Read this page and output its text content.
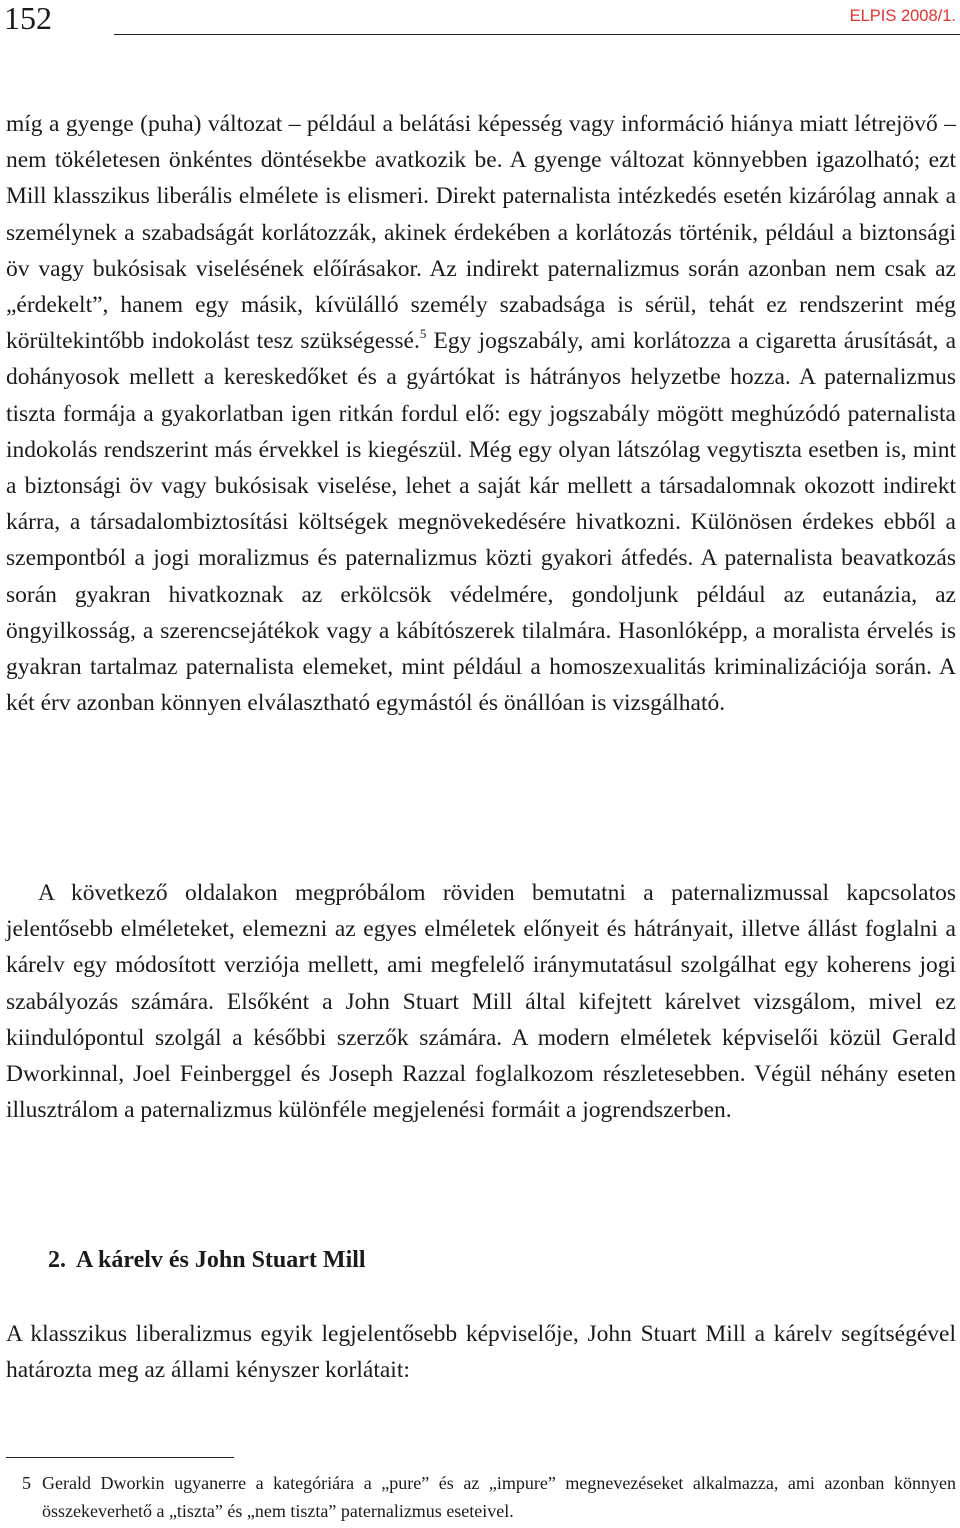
152	ELPIS 2008/1.

míg a gyenge (puha) változat – például a belátási képesség vagy információ hiánya miatt létrejövő – nem tökéletesen önkéntes döntésekbe avatkozik be. A gyenge változat könnyebben igazolható; ezt Mill klasszikus liberális elmélete is elismeri. Direkt paternalista intézkedés esetén kizárólag annak a személynek a szabadságát korlátozzák, akinek érdekében a korlátozás történik, például a biztonsági öv vagy bukósisak viselésének előírásakor. Az indirekt paternalizmus során azonban nem csak az „érdekelt”, hanem egy másik, kívülálló személy szabadsága is sérül, tehát ez rendszerint még körültekintőbb indokolást tesz szükségessé.$^5$ Egy jogszabály, ami korlátozza a cigaretta árusítását, a dohányosok mellett a kereskedőket és a gyártókat is hátrányos helyzetbe hozza. A paternalizmus tiszta formája a gyakorlatban igen ritkán fordul elő: egy jogszabály mögött meghúzódó paternalista indokolás rendszerint más érvekkel is kiegészül. Még egy olyan látszólag vegytiszta esetben is, mint a biztonsági öv vagy bukósisak viselése, lehet a saját kár mellett a társadalomnak okozott indirekt kárra, a társadalombiztosítási költségek megnövekedésére hivatkozni. Különösen érdekes ebből a szempontból a jogi moralizmus és paternalizmus közti gyakori átfedés. A paternalista beavatkozás során gyakran hivatkoznak az erkölcsök védelmére, gondoljunk például az eutanázia, az öngyilkosság, a szerencsejátékok vagy a kábítószerek tilalmára. Hasonlóképp, a moralista érvelés is gyakran tartalmaz paternalista elemeket, mint például a homoszexualitás kriminalizációja során. A két érv azonban könnyen elválasztható egymástól és önállóan is vizsgálható.

A következő oldalakon megpróbálom röviden bemutatni a paternalizmussal kapcsolatos jelentősebb elméleteket, elemezni az egyes elméletek előnyeit és hátrányait, illetve állást foglalni a kárelv egy módosított verziója mellett, ami megfelelő iránymutatásul szolgálhat egy koherens jogi szabályozás számára. Elsőként a John Stuart Mill által kifejtett kárelvet vizsgálom, mivel ez kiindulópontul szolgál a későbbi szerzők számára. A modern elméletek képviselői közül Gerald Dworkinnal, Joel Feinberggel és Joseph Razzal foglalkozom részletesebben. Végül néhány eseten illusztrálom a paternalizmus különféle megjelenési formáit a jogrendszerben.

2. A kárelv és John Stuart Mill

A klasszikus liberalizmus egyik legjelentősebb képviselője, John Stuart Mill a kárelv segítségével határozta meg az állami kényszer korlátait:

5 Gerald Dworkin ugyanerre a kategóriára a „pure” és az „impure” megnevezéseket alkalmazza, ami azonban könnyen összekeverhető a „tiszta” és „nem tiszta” paternalizmus eseteivel.
